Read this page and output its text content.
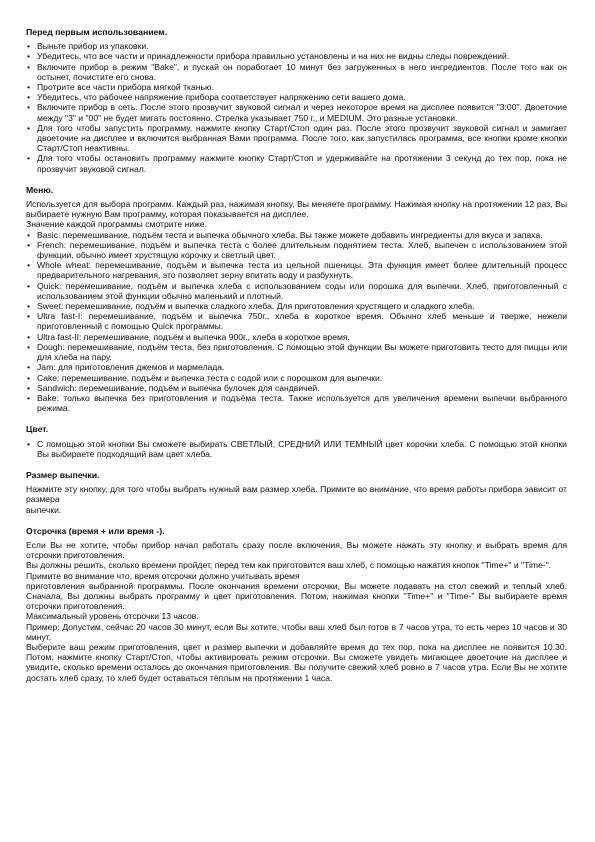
Перед первым использованием.
• Выньте прибор из упаковки.
• Убедитесь, что все части и принадлежности прибора правильно установлены и на них не видны следы повреждений.
• Включите прибор в режим "Bake", и пускай он поработает 10 минут без загруженных в него ингредиентов. После того как он остынет, почистите его снова.
• Протрите все части прибора мягкой тканью.
• Убедитесь, что рабочее напряжение прибора соответствует напряжению сети вашего дома.
• Включите прибор в сеть. После этого прозвучит звуковой сигнал и через некоторое время на дисплее появится "3:00". Двоеточие между "3" и "00" не будет мигать постоянно. Стрелка указывает 750 г., и MEDIUM. Это разные установки.
• Для того чтобы запустить программу, нажмите кнопку Старт/Стоп один раз. После этого прозвучит звуковой сигнал и замигает двоеточие на дисплее и включится выбранная Вами программа. После того, как запустилась программа, все кнопки кроме кнопки Старт/Стоп неактивны.
• Для того чтобы остановить программу нажмите кнопку Старт/Стоп и удерживайте на протяжении 3 секунд до тех пор, пока не прозвучит звуковой сигнал.
Меню.

Используется для выбора программ. Каждый раз, нажимая кнопку, Вы меняете программу. Нажимая кнопку на протяжении 12 раз, Вы выбираете нужную Вам программу, которая показывается на дисплее.

Значение каждой программы смотрите ниже.

• Basic: перемешивание, подъём теста и выпечка обычного хлеба. Вы также можете добавить ингредиенты для вкуса и запаха.
• French: перемешивание, подъём и выпечка теста с более длительным поднятием теста. Хлеб, выпечен с использованием этой функции, обычно имеет хрустящую корочку и светлый цвет.
• Whole wheat: перемешивание, подъём и выпечка теста из цельной пшеницы. Эта функция имеет более длительный процесс предварительного нагревания, это позволяет зерну впитать воду и разбухнуть.
• Quick: перемешивание, подъём и выпечка хлеба с использованием соды или порошка для выпечки. Хлеб, приготовленный с использованием этой функции обычно маленький и плотный.
• Sweet: перемешивание, подъём и выпечка сладкого хлеба. Для приготовления хрустящего и сладкого хлеба.
• Ultra fast-I: перемешивание, подъём и выпечка 750г., хлеба в короткое время. Обычно хлеб меньше и тверже, нежели приготовленный с помощью Quick программы.
• Ultra fast-II: перемешивание, подъём и выпечка 900г., хлеба в короткое время.
• Dough: перемешивание, подъём теста, без приготовления. С помощью этой функции Вы можете приготовить тесто для пиццы или для хлеба на пару.
• Jam: для приготовления джемов и мармелада.
• Cake: перемешивание, подъём и выпечка теста с содой или с порошком для выпечки.
• Sandwich: перемешивание, подъём и выпечка булочек для сандвичей.
• Bake: только выпечка без приготовления и подъёма теста. Также используется для увеличения времени выпечки выбранного режима.
Цвет.
• С помощью этой кнопки Вы сможете выбирать СВЕТЛЫЙ, СРЕДНИЙ ИЛИ ТЕМНЫЙ цвет корочки хлеба. С помощью этой кнопки Вы выбираете подходящий вам цвет хлеба.
Размер выпечки.

Нажмите эту кнопку, для того чтобы выбрать нужный вам размер хлеба. Примите во внимание, что время работы прибора зависит от размера

выпечки.

Отсрочка (время + или время -).

Если Вы не хотите, чтобы прибор начал работать сразу после включения, Вы можете нажать эту кнопку и выбрать время для отсрочки приготовления.

Вы должны решить, сколько времени пройдет, перед тем как приготовится ваш хлеб, с помощью нажатия кнопок "Time+" и "Time-".

Примите во внимание что, время отсрочки должно учитывать время

приготовления выбранной программы. После окончания времени отсрочки, Вы можете подавать на стол свежий и теплый хлеб. Сначала, Вы должны выбрать программу и цвет приготовления. Потом, нажимая кнопки "Time+" и "Time-" Вы выбираете время отсрочки приготовления.

Максимальный уровень отсрочки 13 часов.

Пример: Допустим, сейчас 20 часов 30 минут, если Вы хотите, чтобы ваш хлеб был готов в 7 часов утра, то есть через 10 часов и 30 минут.

Выберите ваш режим приготовления, цвет и размер выпечки и добавляйте время до тех пор, пока на дисплее не появится 10.30. Потом, нажмите кнопку Старт/Стоп, чтобы активировать режим отсрочки. Вы сможете увидеть мигающее двоеточие на дисплее и увидите, сколько времени осталось до окончания приготовления. Вы получите свежий хлеб ровно в 7 часов утра. Если Вы не хотите достать хлеб сразу, то хлеб будет оставаться тёплым на протяжении 1 часа.
